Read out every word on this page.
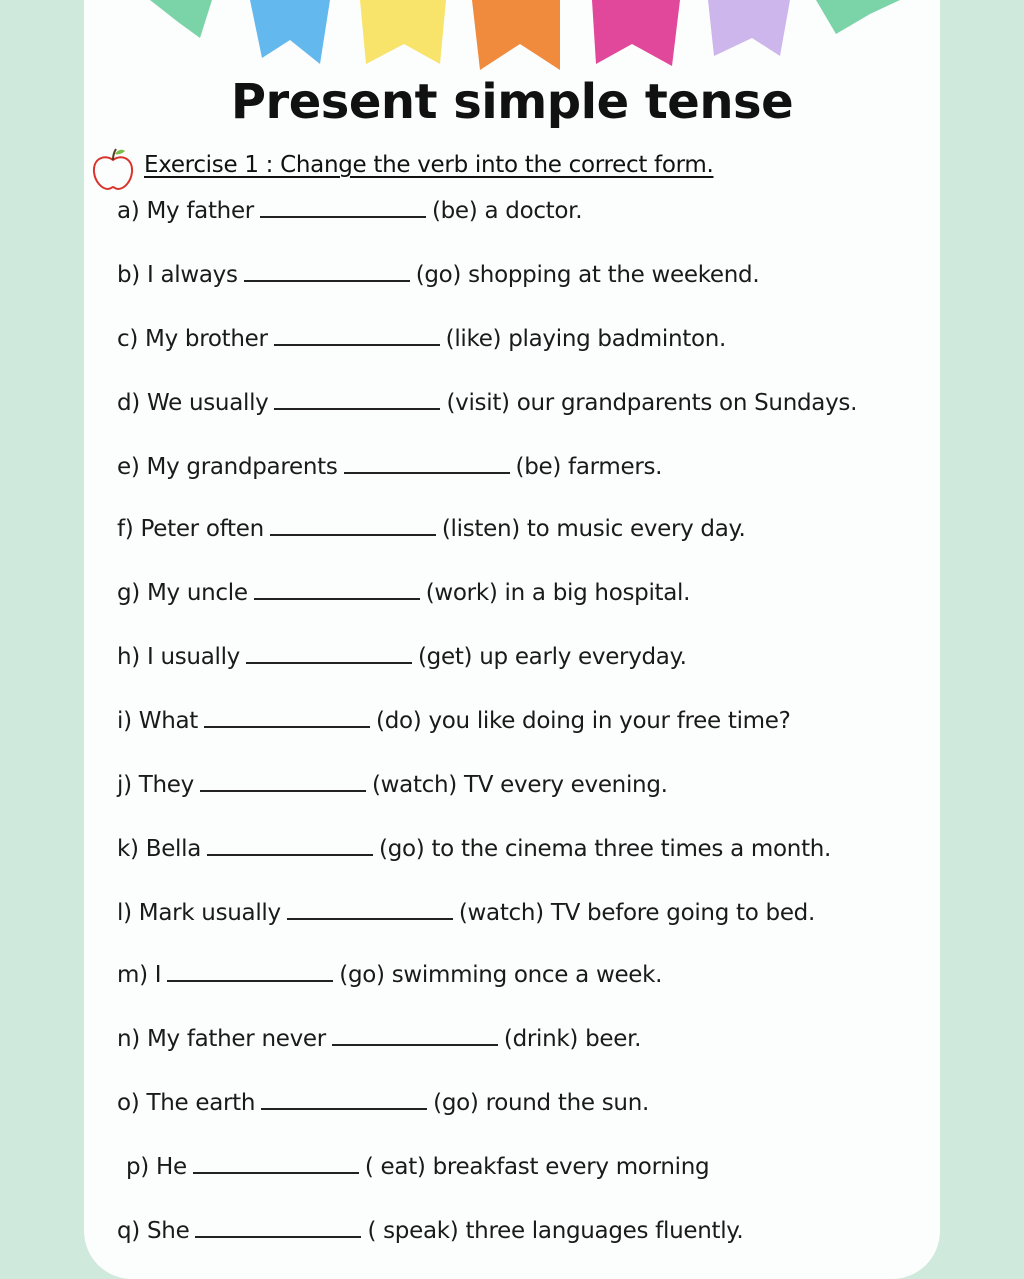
Present simple tense
Exercise 1 : Change the verb into the correct form.
a) My father	(be) a doctor.
b) I always	(go) shopping at the weekend.
c) My brother	(like) playing badminton.
d) We usually	(visit) our grandparents on Sundays.
e) My grandparents	(be) farmers.
f) Peter often	(listen) to music every day.
g) My uncle	(work) in a big hospital.
h) I usually	(get) up early everyday.
i) What	(do) you like doing in your free time?
j) They	(watch) TV every evening.
k) Bella	(go) to the cinema three times a month.
l) Mark usually	(watch) TV before going to bed.
m) I	(go) swimming once a week.
n) My father never	(drink) beer.
o) The earth	(go) round the sun.
p) He	( eat) breakfast every morning
q) She	( speak) three languages fluently.
